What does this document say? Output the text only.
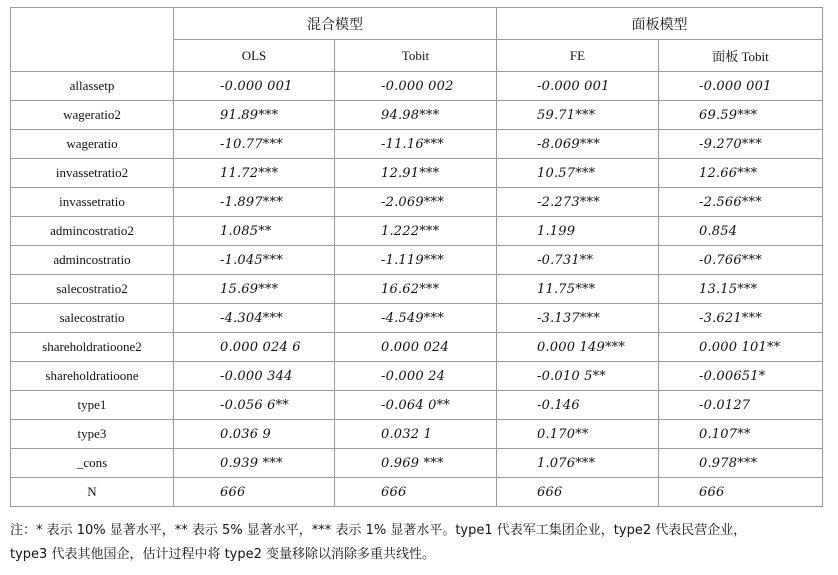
	混合模型		面板模型	
	OLS	Tobit	FE	面板 Tobit
allassetp	-0.000 001	-0.000 002	-0.000 001	-0.000 001
wageratio2	91.89***	94.98***	59.71***	69.59***
wageratio	-10.77***	-11.16***	-8.069***	-9.270***
invassetratio2	11.72***	12.91***	10.57***	12.66***
invassetratio	-1.897***	-2.069***	-2.273***	-2.566***
admincostratio2	1.085**	1.222***	1.199	0.854
admincostratio	-1.045***	-1.119***	-0.731**	-0.766***
salecostratio2	15.69***	16.62***	11.75***	13.15***
salecostratio	-4.304***	-4.549***	-3.137***	-3.621***
shareholdratioone2	0.000 024 6	0.000 024	0.000 149***	0.000 101**
shareholdratioone	-0.000 344	-0.000 24	-0.010 5**	-0.00651*
type1	-0.056 6**	-0.064 0**	-0.146	-0.0127
type3	0.036 9	0.032 1	0.170**	0.107**
_cons	0.939 ***	0.969 ***	1.076***	0.978***
N	666	666	666	666

注：* 表示 10% 显著水平，** 表示 5% 显著水平，*** 表示 1% 显著水平。type1 代表军工集团企业，type2 代表民营企业，

type3 代表其他国企，估计过程中将 type2 变量移除以消除多重共线性。
